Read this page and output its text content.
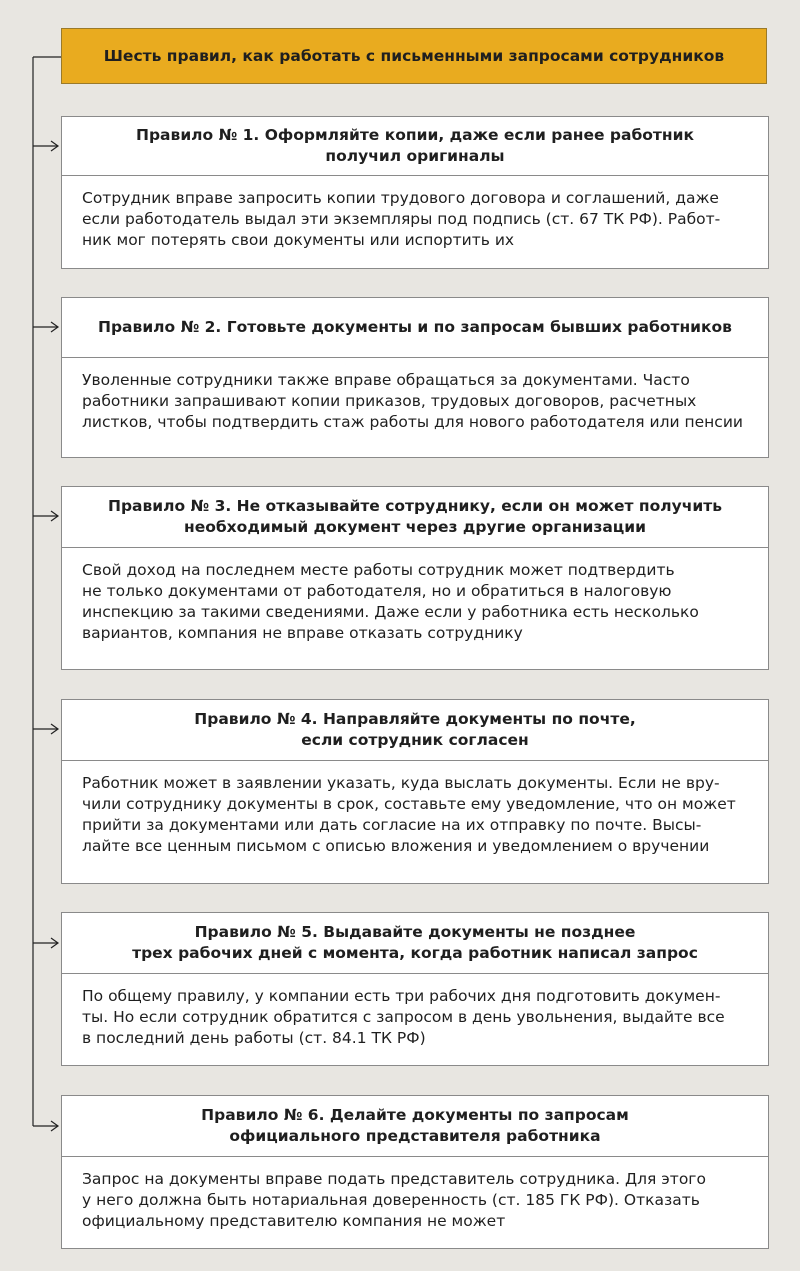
Шесть правил, как работать с письменными запросами сотрудников
Правило № 1. Оформляйте копии, даже если ранее работник
получил оригиналы
Сотрудник вправе запросить копии трудового договора и соглашений, даже
если работодатель выдал эти экземпляры под подпись (ст. 67 ТК РФ). Работ-
ник мог потерять свои документы или испортить их
Правило № 2. Готовьте документы и по запросам бывших работников
Уволенные сотрудники также вправе обращаться за документами. Часто
работники запрашивают копии приказов, трудовых договоров, расчетных
листков, чтобы подтвердить стаж работы для нового работодателя или пенсии
Правило № 3. Не отказывайте сотруднику, если он может получить
необходимый документ через другие организации
Свой доход на последнем месте работы сотрудник может подтвердить
не только документами от работодателя, но и обратиться в налоговую
инспекцию за такими сведениями. Даже если у работника есть несколько
вариантов, компания не вправе отказать сотруднику
Правило № 4. Направляйте документы по почте,
если сотрудник согласен
Работник может в заявлении указать, куда выслать документы. Если не вру-
чили сотруднику документы в срок, составьте ему уведомление, что он может
прийти за документами или дать согласие на их отправку по почте. Высы-
лайте все ценным письмом с описью вложения и уведомлением о вручении
Правило № 5. Выдавайте документы не позднее
трех рабочих дней с момента, когда работник написал запрос
По общему правилу, у компании есть три рабочих дня подготовить докумен-
ты. Но если сотрудник обратится с запросом в день увольнения, выдайте все
в последний день работы (ст. 84.1 ТК РФ)
Правило № 6. Делайте документы по запросам
официального представителя работника
Запрос на документы вправе подать представитель сотрудника. Для этого
у него должна быть нотариальная доверенность (ст. 185 ГК РФ). Отказать
официальному представителю компания не может
